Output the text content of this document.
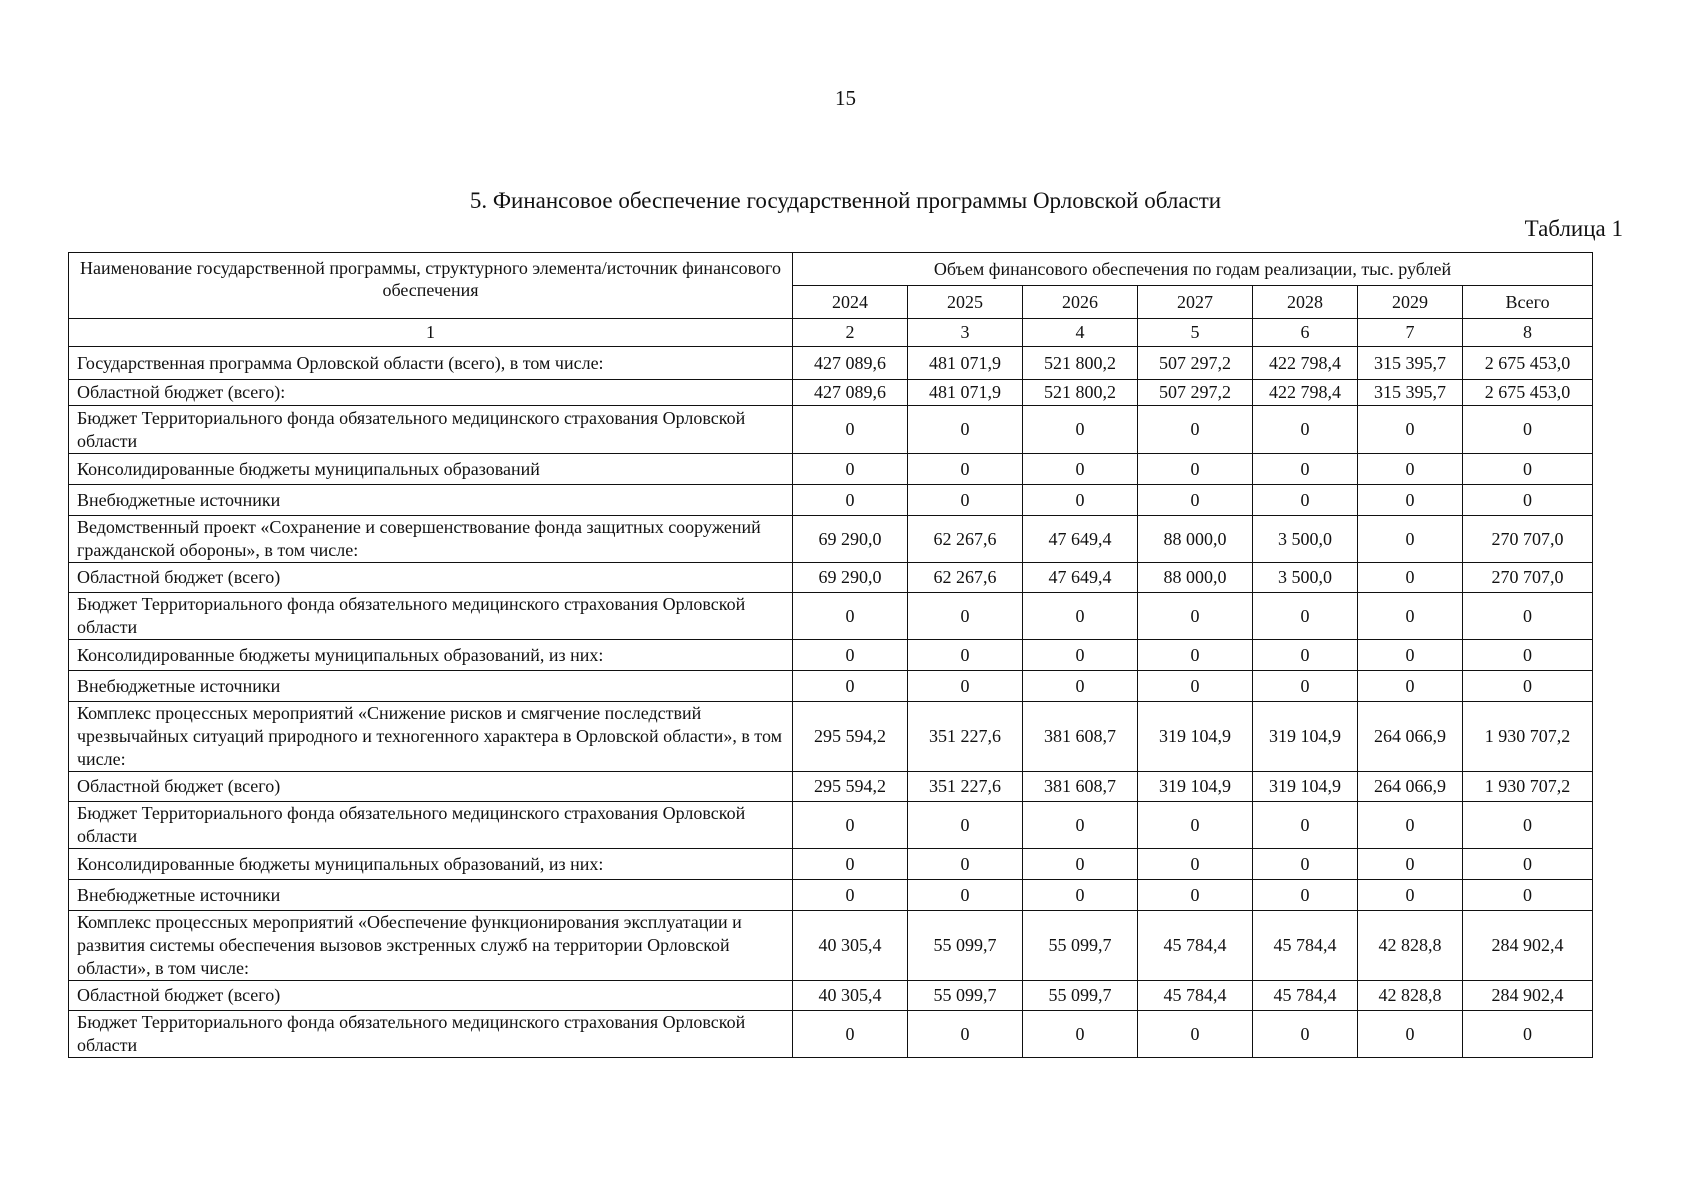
15
5. Финансовое обеспечение государственной программы Орловской области
Таблица 1
Наименование государственной программы, структурного элемента/источник финансового обеспечения	Объем финансового обеспечения по годам реализации, тыс. рублей						
	2024	2025	2026	2027	2028	2029	Всего
1	2	3	4	5	6	7	8
Государственная программа Орловской области (всего), в том числе:	427 089,6	481 071,9	521 800,2	507 297,2	422 798,4	315 395,7	2 675 453,0
Областной бюджет (всего):	427 089,6	481 071,9	521 800,2	507 297,2	422 798,4	315 395,7	2 675 453,0
Бюджет Территориального фонда обязательного медицинского страхования Орловской области	0	0	0	0	0	0	0
Консолидированные бюджеты муниципальных образований	0	0	0	0	0	0	0
Внебюджетные источники	0	0	0	0	0	0	0
Ведомственный проект «Сохранение и совершенствование фонда защитных сооружений гражданской обороны», в том числе:	69 290,0	62 267,6	47 649,4	88 000,0	3 500,0	0	270 707,0
Областной бюджет (всего)	69 290,0	62 267,6	47 649,4	88 000,0	3 500,0	0	270 707,0
Бюджет Территориального фонда обязательного медицинского страхования Орловской области	0	0	0	0	0	0	0
Консолидированные бюджеты муниципальных образований, из них:	0	0	0	0	0	0	0
Внебюджетные источники	0	0	0	0	0	0	0
Комплекс процессных мероприятий «Снижение рисков и смягчение последствий чрезвычайных ситуаций природного и техногенного характера в Орловской области», в том числе:	295 594,2	351 227,6	381 608,7	319 104,9	319 104,9	264 066,9	1 930 707,2
Областной бюджет (всего)	295 594,2	351 227,6	381 608,7	319 104,9	319 104,9	264 066,9	1 930 707,2
Бюджет Территориального фонда обязательного медицинского страхования Орловской области	0	0	0	0	0	0	0
Консолидированные бюджеты муниципальных образований, из них:	0	0	0	0	0	0	0
Внебюджетные источники	0	0	0	0	0	0	0
Комплекс процессных мероприятий «Обеспечение функционирования эксплуатации и развития системы обеспечения вызовов экстренных служб на территории Орловской области», в том числе:	40 305,4	55 099,7	55 099,7	45 784,4	45 784,4	42 828,8	284 902,4
Областной бюджет (всего)	40 305,4	55 099,7	55 099,7	45 784,4	45 784,4	42 828,8	284 902,4
Бюджет Территориального фонда обязательного медицинского страхования Орловской области	0	0	0	0	0	0	0
